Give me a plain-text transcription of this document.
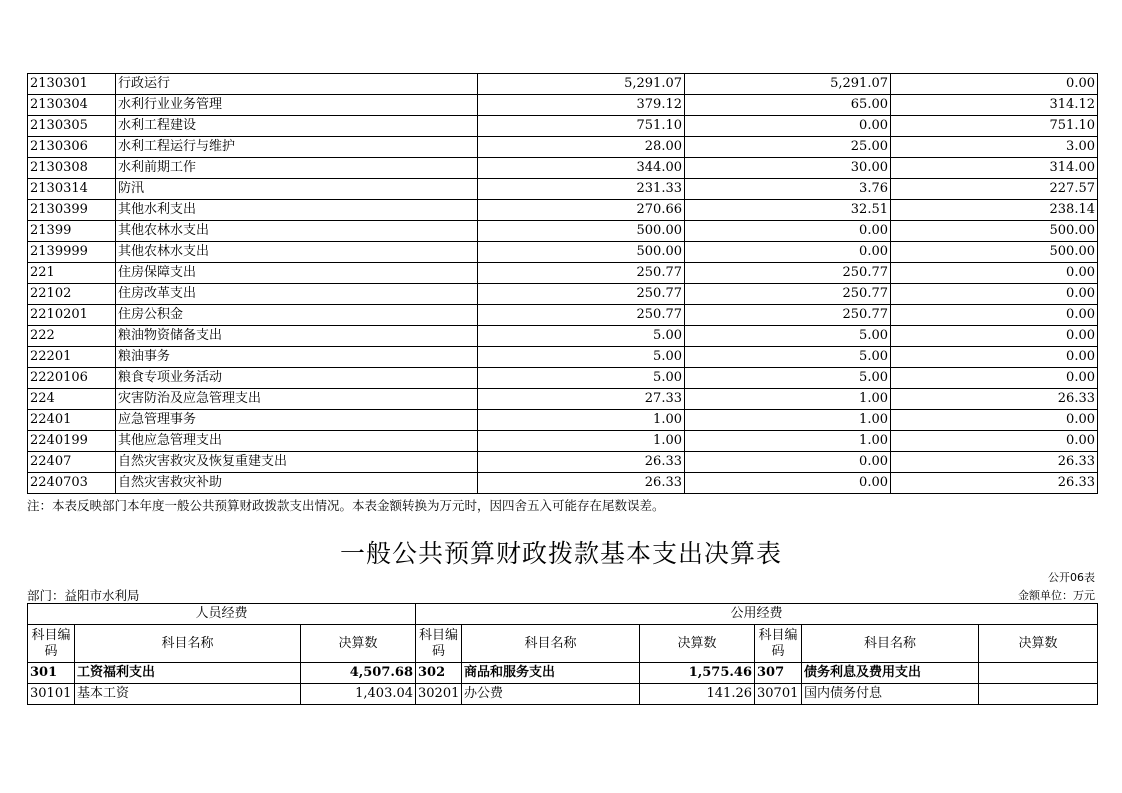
2130301	行政运行	5,291.07	5,291.07	0.00
2130304	水利行业业务管理	379.12	65.00	314.12
2130305	水利工程建设	751.10	0.00	751.10
2130306	水利工程运行与维护	28.00	25.00	3.00
2130308	水利前期工作	344.00	30.00	314.00
2130314	防汛	231.33	3.76	227.57
2130399	其他水利支出	270.66	32.51	238.14
21399	其他农林水支出	500.00	0.00	500.00
2139999	其他农林水支出	500.00	0.00	500.00
221	住房保障支出	250.77	250.77	0.00
22102	住房改革支出	250.77	250.77	0.00
2210201	住房公积金	250.77	250.77	0.00
222	粮油物资储备支出	5.00	5.00	0.00
22201	粮油事务	5.00	5.00	0.00
2220106	粮食专项业务活动	5.00	5.00	0.00
224	灾害防治及应急管理支出	27.33	1.00	26.33
22401	应急管理事务	1.00	1.00	0.00
2240199	其他应急管理支出	1.00	1.00	0.00
22407	自然灾害救灾及恢复重建支出	26.33	0.00	26.33
2240703	自然灾害救灾补助	26.33	0.00	26.33
注：本表反映部门本年度一般公共预算财政拨款支出情况。本表金额转换为万元时，因四舍五入可能存在尾数误差。
一般公共预算财政拨款基本支出决算表
公开06表
部门：益阳市水利局	金额单位：万元
人员经费			公用经费					
科目编码	科目名称	决算数	科目编码	科目名称	决算数	科目编码	科目名称	决算数
301	工资福利支出	4,507.68	302	商品和服务支出	1,575.46	307	债务利息及费用支出	
30101	基本工资	1,403.04	30201	办公费	141.26	30701	国内债务付息	
